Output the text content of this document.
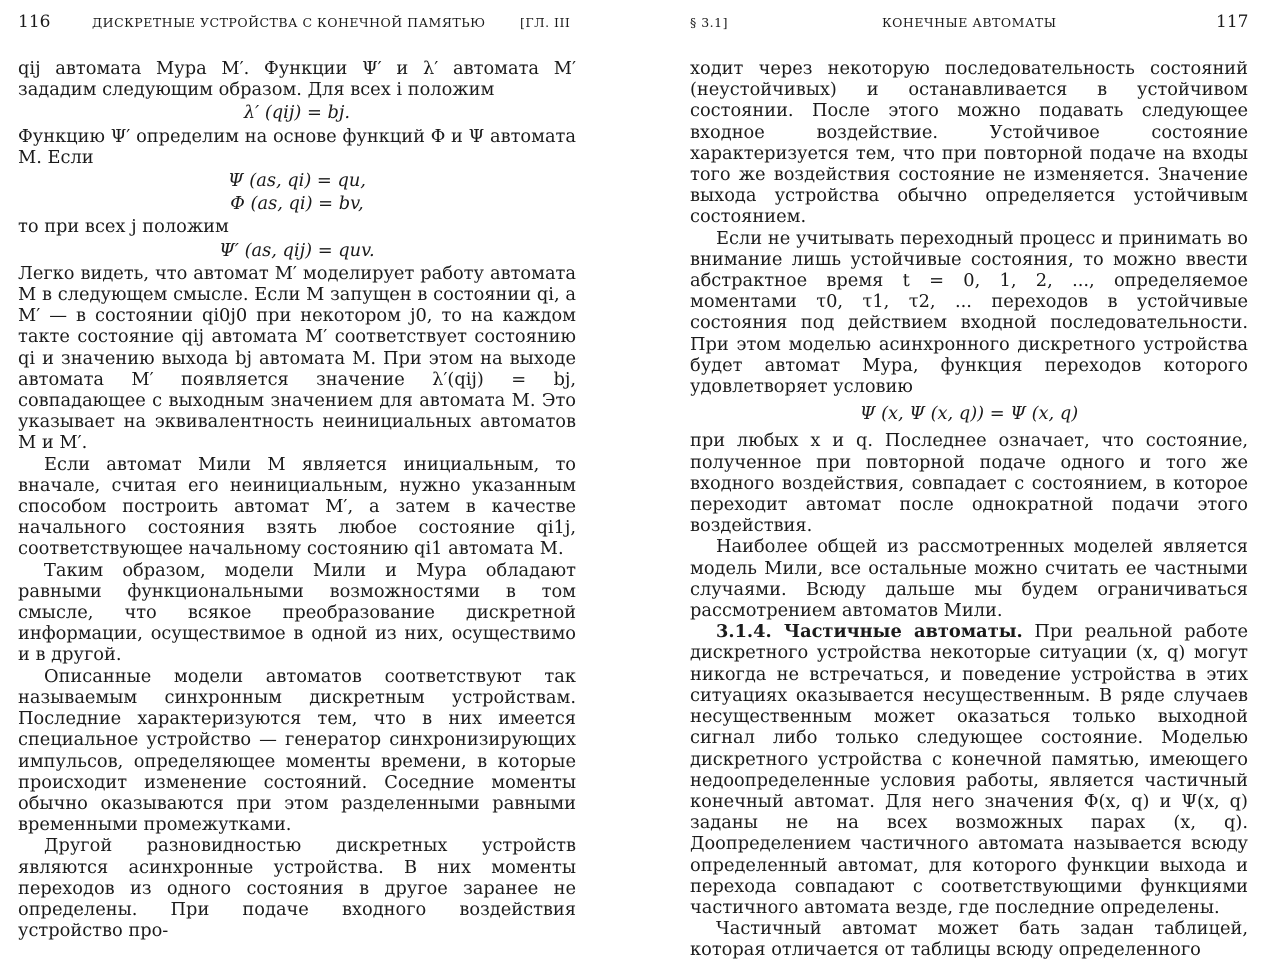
116	ДИСКРЕТНЫЕ УСТРОЙСТВА С КОНЕЧНОЙ ПАМЯТЬЮ	[ГЛ. III

qij автомата Мура M′. Функции Ψ′ и λ′ автомата M′ зададим следующим образом. Для всех i положим

λ′ (qij) = bj.

Функцию Ψ′ определим на основе функций Φ и Ψ автомата M. Если

Ψ (as, qi) = qu,

Φ (as, qi) = bv,

то при всех j положим

Ψ′ (as, qij) = quv.

Легко видеть, что автомат M′ моделирует работу автомата M в следующем смысле. Если M запущен в состоянии qi, а M′ — в состоянии qi0j0 при некотором j0, то на каждом такте состояние qij автомата M′ соответствует состоянию qi и значению выхода bj автомата M. При этом на выходе автомата M′ появляется значение λ′(qij) = bj, совпадающее с выходным значением для автомата M. Это указывает на эквивалентность неинициальных автоматов M и M′.

Если автомат Мили M является инициальным, то вначале, считая его неинициальным, нужно указанным способом построить автомат M′, а затем в качестве начального состояния взять любое состояние qi1j, соответствующее начальному состоянию qi1 автомата M.

Таким образом, модели Мили и Мура обладают равными функциональными возможностями в том смысле, что всякое преобразование дискретной информации, осуществимое в одной из них, осуществимо и в другой.

Описанные модели автоматов соответствуют так называемым синхронным дискретным устройствам. Последние характеризуются тем, что в них имеется специальное устройство — генератор синхронизирующих импульсов, определяющее моменты времени, в которые происходит изменение состояний. Соседние моменты обычно оказываются при этом разделенными равными временными промежутками.

Другой разновидностью дискретных устройств являются асинхронные устройства. В них моменты переходов из одного состояния в другое заранее не определены. При подаче входного воздействия устройство про-

§ 3.1]	КОНЕЧНЫЕ АВТОМАТЫ	117

ходит через некоторую последовательность состояний (неустойчивых) и останавливается в устойчивом состоянии. После этого можно подавать следующее входное воздействие. Устойчивое состояние характеризуется тем, что при повторной подаче на входы того же воздействия состояние не изменяется. Значение выхода устройства обычно определяется устойчивым состоянием.

Если не учитывать переходный процесс и принимать во внимание лишь устойчивые состояния, то можно ввести абстрактное время t = 0, 1, 2, ..., определяемое моментами τ0, τ1, τ2, ... переходов в устойчивые состояния под действием входной последовательности. При этом моделью асинхронного дискретного устройства будет автомат Мура, функция переходов которого удовлетворяет условию

Ψ (x, Ψ (x, q)) = Ψ (x, q)

при любых x и q. Последнее означает, что состояние, полученное при повторной подаче одного и того же входного воздействия, совпадает с состоянием, в которое переходит автомат после однократной подачи этого воздействия.

Наиболее общей из рассмотренных моделей является модель Мили, все остальные можно считать ее частными случаями. Всюду дальше мы будем ограничиваться рассмотрением автоматов Мили.

3.1.4. Частичные автоматы. При реальной работе дискретного устройства некоторые ситуации (x, q) могут никогда не встречаться, и поведение устройства в этих ситуациях оказывается несущественным. В ряде случаев несущественным может оказаться только выходной сигнал либо только следующее состояние. Моделью дискретного устройства с конечной памятью, имеющего недоопределенные условия работы, является частичный конечный автомат. Для него значения Φ(x, q) и Ψ(x, q) заданы не на всех возможных парах (x, q). Доопределением частичного автомата называется всюду определенный автомат, для которого функции выхода и перехода совпадают с соответствующими функциями частичного автомата везде, где последние определены.

Частичный автомат может бать задан таблицей, которая отличается от таблицы всюду определенного
